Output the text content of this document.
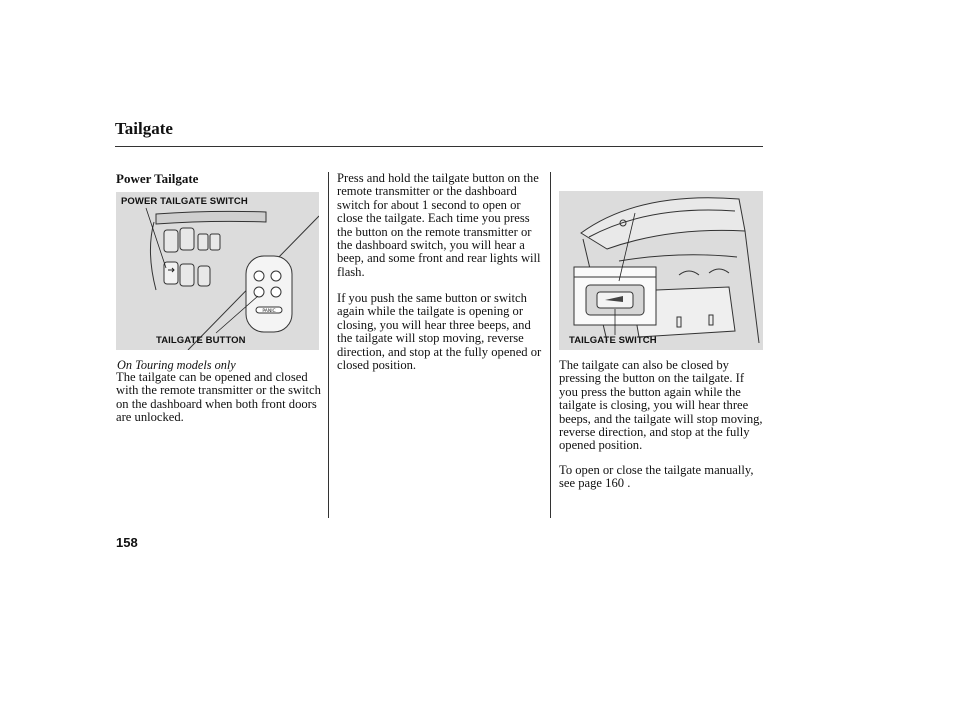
Tailgate
Power Tailgate
PANIC
POWER TAILGATE SWITCH
TAILGATE BUTTON
On Touring models only
The tailgate can be opened and closed with the remote transmitter or the switch on the dashboard when both front doors are unlocked.
Press and hold the tailgate button on the remote transmitter or the dashboard switch for about 1 second to open or close the tailgate. Each time you press the button on the remote transmitter or the dashboard switch, you will hear a beep, and some front and rear lights will flash.
If you push the same button or switch again while the tailgate is opening or closing, you will hear three beeps, and the tailgate will stop moving, reverse direction, and stop at the fully opened or closed position.
TAILGATE SWITCH
The tailgate can also be closed by pressing the button on the tailgate. If you press the button again while the tailgate is closing, you will hear three beeps, and the tailgate will stop moving, reverse direction, and stop at the fully opened position.
To open or close the tailgate manually, see page 160 .
158
